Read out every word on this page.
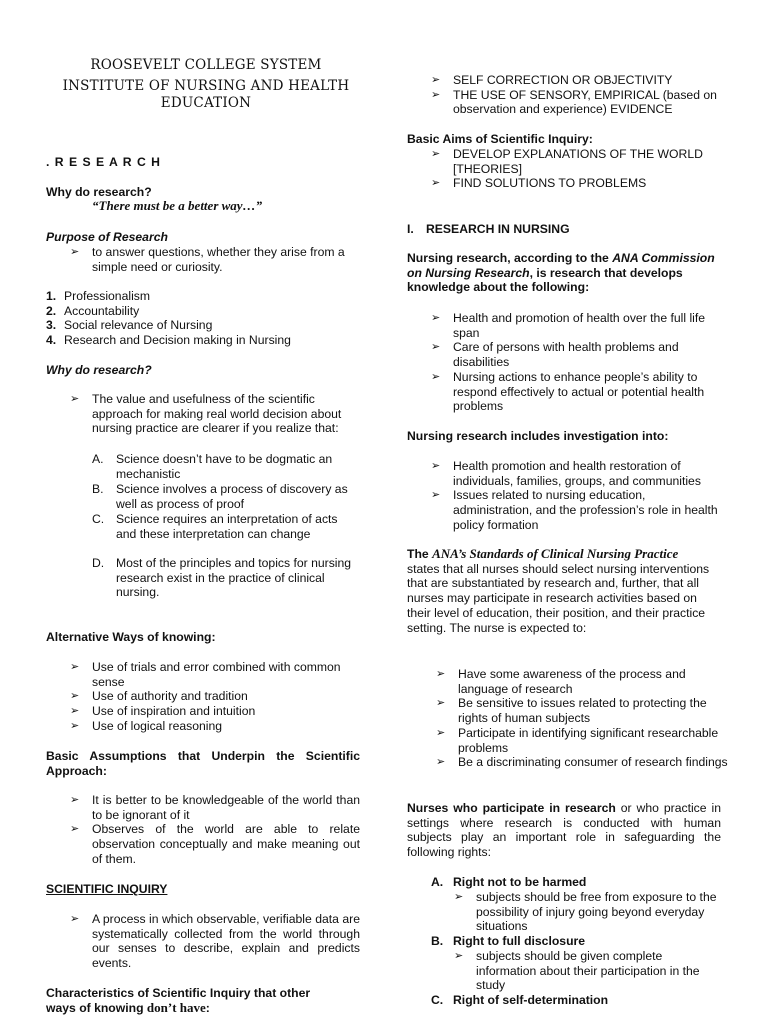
ROOSEVELT COLLEGE SYSTEM
INSTITUTE OF NURSING AND HEALTH
EDUCATION

. R E S E A R C H

Why do research?

“There must be a better way…”

Purpose of Research

➢ to answer questions, whether they arise from a simple need or curiosity.
1. Professionalism
2. Accountability
3. Social relevance of Nursing
4. Research and Decision making in Nursing

Why do research?

➢ The value and usefulness of the scientific approach for making real world decision about nursing practice are clearer if you realize that:
A. Science doesn’t have to be dogmatic an mechanistic
B. Science involves a process of discovery as well as process of proof
C. Science requires an interpretation of acts and these interpretation can change
D. Most of the principles and topics for nursing research exist in the practice of clinical nursing.

Alternative Ways of knowing:

➢ Use of trials and error combined with common sense
➢ Use of authority and tradition
➢ Use of inspiration and intuition
➢ Use of logical reasoning

Basic Assumptions that Underpin the Scientific Approach:

➢ It is better to be knowledgeable of the world than to be ignorant of it
➢ Observes of the world are able to relate observation conceptually and make meaning out of them.

SCIENTIFIC INQUIRY

➢ A process in which observable, verifiable data are systematically collected from the world through our senses to describe, explain and predicts events.

Characteristics of Scientific Inquiry that other
ways of knowing don’t have:

➢ SELF CORRECTION OR OBJECTIVITY
➢ THE USE OF SENSORY, EMPIRICAL (based on observation and experience) EVIDENCE

Basic Aims of Scientific Inquiry:

➢ DEVELOP EXPLANATIONS OF THE WORLD [THEORIES]
➢ FIND SOLUTIONS TO PROBLEMS

I. RESEARCH IN NURSING

Nursing research, according to the ANA Commission on Nursing Research, is research that develops knowledge about the following:

➢ Health and promotion of health over the full life span
➢ Care of persons with health problems and disabilities
➢ Nursing actions to enhance people’s ability to respond effectively to actual or potential health problems

Nursing research includes investigation into:

➢ Health promotion and health restoration of individuals, families, groups, and communities
➢ Issues related to nursing education, administration, and the profession’s role in health policy formation

The ANA’s Standards of Clinical Nursing Practice
states that all nurses should select nursing interventions that are substantiated by research and, further, that all nurses may participate in research activities based on their level of education, their position, and their practice setting. The nurse is expected to:

➢ Have some awareness of the process and language of research
➢ Be sensitive to issues related to protecting the rights of human subjects
➢ Participate in identifying significant researchable problems
➢ Be a discriminating consumer of research findings

Nurses who participate in research or who practice in settings where research is conducted with human subjects play an important role in safeguarding the following rights:

A. Right not to be harmed
➢ subjects should be free from exposure to the possibility of injury going beyond everyday situations
B. Right to full disclosure
➢ subjects should be given complete information about their participation in the study
C. Right of self-determination
